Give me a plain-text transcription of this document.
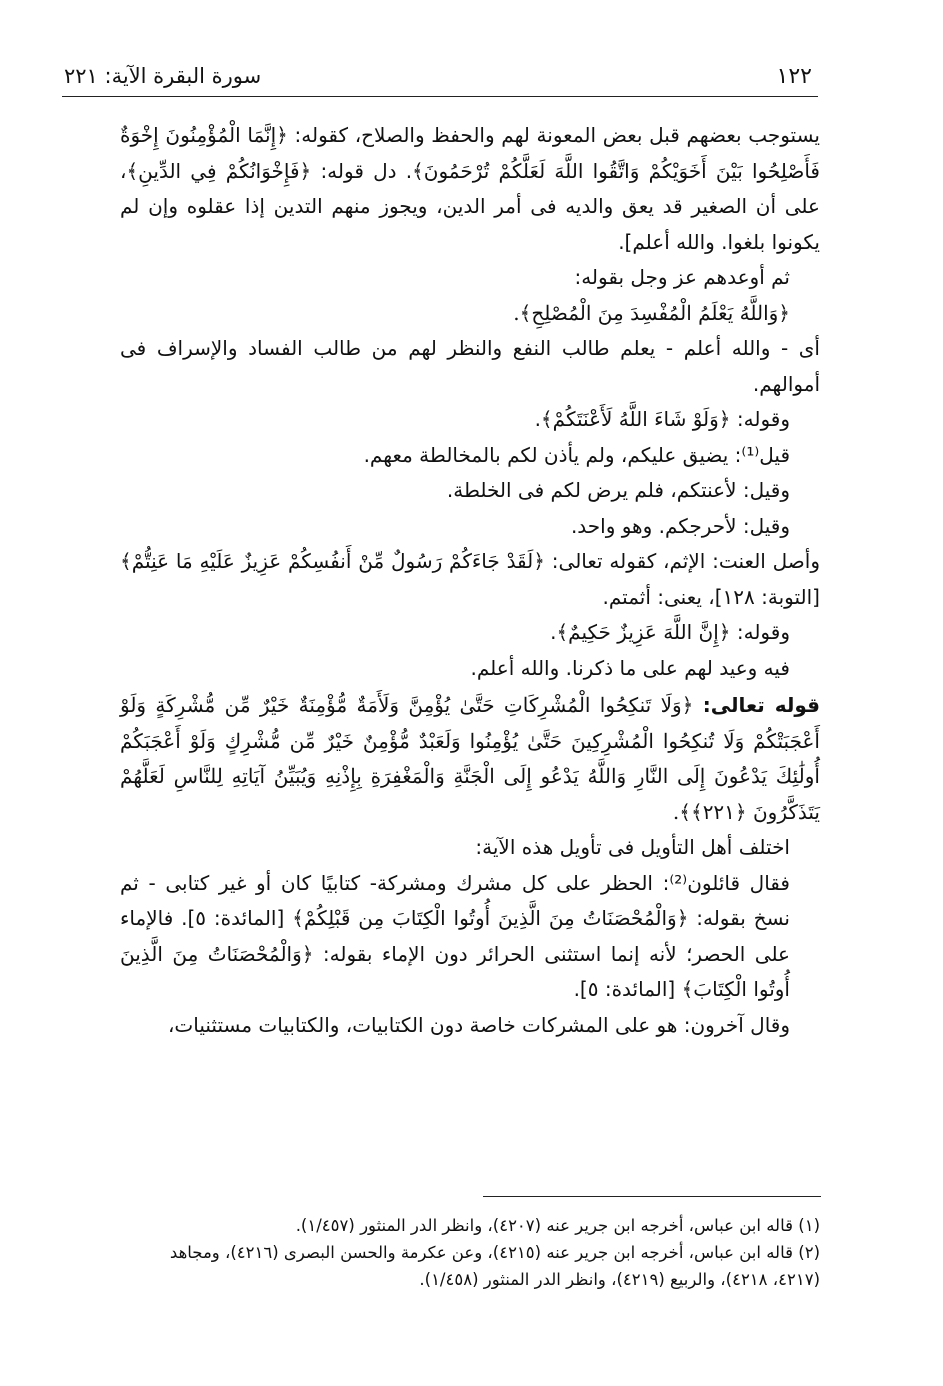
١٢٢
سورة البقرة الآية: ٢٢١

يستوجب بعضهم قبل بعض المعونة لهم والحفظ والصلاح، كقوله: ﴿إِنَّمَا الْمُؤْمِنُونَ إِخْوَةٌ فَأَصْلِحُوا بَيْنَ أَخَوَيْكُمْ وَاتَّقُوا اللَّهَ لَعَلَّكُمْ تُرْحَمُونَ﴾. دل قوله: ﴿فَإِخْوَانُكُمْ فِي الدِّينِ﴾، على أن الصغير قد يعق والديه فى أمر الدين، ويجوز منهم التدين إذا عقلوه وإن لم يكونوا بلغوا. والله أعلم].

ثم أوعدهم عز وجل بقوله:

﴿وَاللَّهُ يَعْلَمُ الْمُفْسِدَ مِنَ الْمُصْلِحِ﴾.

أى - والله أعلم - يعلم طالب النفع والنظر لهم من طالب الفساد والإسراف فى أموالهم.

وقوله: ﴿وَلَوْ شَاءَ اللَّهُ لَأَعْنَتَكُمْ﴾.

قيل⁽¹⁾: يضيق عليكم، ولم يأذن لكم بالمخالطة معهم.

وقيل: لأعنتكم، فلم يرض لكم فى الخلطة.

وقيل: لأحرجكم. وهو واحد.

وأصل العنت: الإثم، كقوله تعالى: ﴿لَقَدْ جَاءَكُمْ رَسُولٌ مِّنْ أَنفُسِكُمْ عَزِيزٌ عَلَيْهِ مَا عَنِتُّمْ﴾ [التوبة: ١٢٨]، يعنى: أثمتم.

وقوله: ﴿إِنَّ اللَّهَ عَزِيزٌ حَكِيمٌ﴾.

فيه وعيد لهم على ما ذكرنا. والله أعلم.

قوله تعالى: ﴿وَلَا تَنكِحُوا الْمُشْرِكَاتِ حَتَّىٰ يُؤْمِنَّ وَلَأَمَةٌ مُّؤْمِنَةٌ خَيْرٌ مِّن مُّشْرِكَةٍ وَلَوْ أَعْجَبَتْكُمْ وَلَا تُنكِحُوا الْمُشْرِكِينَ حَتَّىٰ يُؤْمِنُوا وَلَعَبْدٌ مُّؤْمِنٌ خَيْرٌ مِّن مُّشْرِكٍ وَلَوْ أَعْجَبَكُمْ أُولَٰئِكَ يَدْعُونَ إِلَى النَّارِ وَاللَّهُ يَدْعُو إِلَى الْجَنَّةِ وَالْمَغْفِرَةِ بِإِذْنِهِ وَيُبَيِّنُ آيَاتِهِ لِلنَّاسِ لَعَلَّهُمْ يَتَذَكَّرُونَ ﴿٢٢١﴾﴾.

اختلف أهل التأويل فى تأويل هذه الآية:

فقال قائلون⁽²⁾: الحظر على كل مشرك ومشركة- كتابيًا كان أو غير كتابى - ثم نسخ بقوله: ﴿وَالْمُحْصَنَاتُ مِنَ الَّذِينَ أُوتُوا الْكِتَابَ مِن قَبْلِكُمْ﴾ [المائدة: ٥]. فالإماء على الحصر؛ لأنه إنما استثنى الحرائر دون الإماء بقوله: ﴿وَالْمُحْصَنَاتُ مِنَ الَّذِينَ أُوتُوا الْكِتَابَ﴾ [المائدة: ٥].

وقال آخرون: هو على المشركات خاصة دون الكتابيات، والكتابيات مستثنيات،

(١) قاله ابن عباس، أخرجه ابن جرير عنه (٤٢٠٧)، وانظر الدر المنثور (١/٤٥٧).

(٢) قاله ابن عباس، أخرجه ابن جرير عنه (٤٢١٥)، وعن عكرمة والحسن البصرى (٤٢١٦)، ومجاهد (٤٢١٧، ٤٢١٨)، والربيع (٤٢١٩)، وانظر الدر المنثور (١/٤٥٨).
